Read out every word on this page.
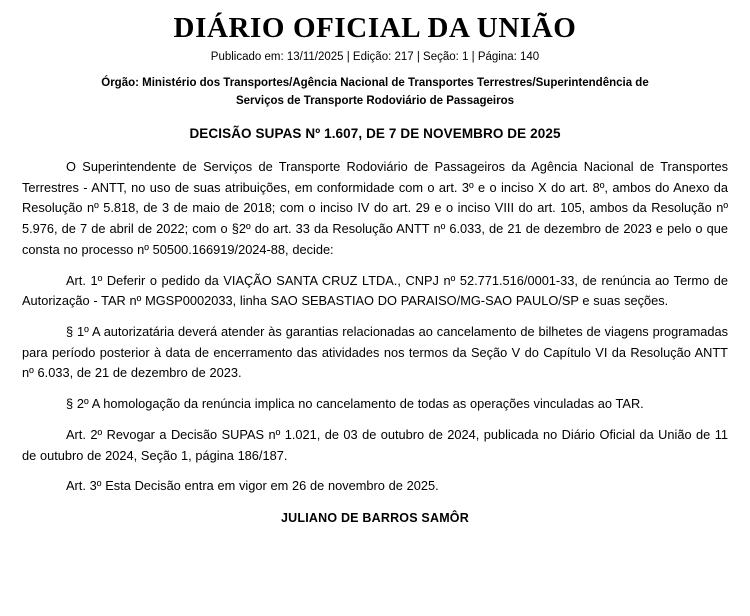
DIÁRIO OFICIAL DA UNIÃO
Publicado em: 13/11/2025 | Edição: 217 | Seção: 1 | Página: 140
Órgão: Ministério dos Transportes/Agência Nacional de Transportes Terrestres/Superintendência de Serviços de Transporte Rodoviário de Passageiros
DECISÃO SUPAS Nº 1.607, DE 7 DE NOVEMBRO DE 2025

O Superintendente de Serviços de Transporte Rodoviário de Passageiros da Agência Nacional de Transportes Terrestres - ANTT, no uso de suas atribuições, em conformidade com o art. 3º e o inciso X do art. 8º, ambos do Anexo da Resolução nº 5.818, de 3 de maio de 2018; com o inciso IV do art. 29 e o inciso VIII do art. 105, ambos da Resolução nº 5.976, de 7 de abril de 2022; com o §2º do art. 33 da Resolução ANTT nº 6.033, de 21 de dezembro de 2023 e pelo o que consta no processo nº 50500.166919/2024-88, decide:

Art. 1º Deferir o pedido da VIAÇÃO SANTA CRUZ LTDA., CNPJ nº 52.771.516/0001-33, de renúncia ao Termo de Autorização - TAR nº MGSP0002033, linha SAO SEBASTIAO DO PARAISO/MG-SAO PAULO/SP e suas seções.

§ 1º A autorizatária deverá atender às garantias relacionadas ao cancelamento de bilhetes de viagens programadas para período posterior à data de encerramento das atividades nos termos da Seção V do Capítulo VI da Resolução ANTT nº 6.033, de 21 de dezembro de 2023.

§ 2º A homologação da renúncia implica no cancelamento de todas as operações vinculadas ao TAR.

Art. 2º Revogar a Decisão SUPAS nº 1.021, de 03 de outubro de 2024, publicada no Diário Oficial da União de 11 de outubro de 2024, Seção 1, página 186/187.

Art. 3º Esta Decisão entra em vigor em 26 de novembro de 2025.

JULIANO DE BARROS SAMÔR
